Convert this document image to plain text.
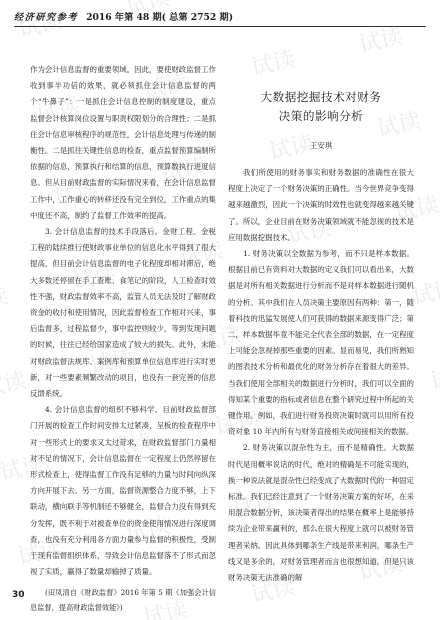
经济研究参考 2016 年第 48 期( 总第 2752 期)

作为会计信息监督的重要领域。因此，要使财政监督工作收到事半功倍的效果，就必须抓住会计信息监督的两个“牛鼻子”：一是抓住会计信息控制的制度建设，重点监督会计核算岗位设置与职责权限划分的合理性；二是抓住会计信息审核程序的规范性，会计信息处理与传递的制衡性。二是抓住关键性信息的检查，重点监督预算编制所依据的信息，预算执行和结算的信息，预算数执行进度信息。但从目前财政监督的实际情况来看，在会计信息监督工作中，工作重心的转移还没有完全到位，工作重点的集中度还不高，制约了监督工作效率的提高。

3. 会计信息监督的技术手段落后。金财工程、金税工程的陆续推行使财政事业单位的信息化水平得到了很大提高，但目前会计信息监督的电子化程度却相对滞后，绝大多数还停留在手工查账、食笔记的阶段，人工检查时效性不强，财政监督效率不高，监管人员无法及时了解财政资金的收付和使用情况，因此监督检查工作相对兴来，事后监督多，过程监督少，事中监控则较少，等到发现问题的时候，往往已经给国家造成了较大的损失。此外，未能对财政监督法规库、案例库和预算单位信息库进行实时更新，对一些要素频繁改动的项目，也没有一套完善的信息反馈系统。

4. 会计信息监督的组织不够科学。目前财政监督部门开展的检查工作时间安排太过紧凑，呈板的检查程序中对一些形式上的要求又太过苛求，在财政监督部门力量相对不足的情况下，会计信息监督在一定程度上仍然停留在形式检查上，使得监督工作没有足够的力量与时间向纵深方向开展下去。另一方面，监督资源整合力度不够，上下联动，横向联手等机制还不够健全，监督合力没有得到充分发挥，既不利于对被查单位的资金使用情况进行深度调查，也没有充分利用各方面力量参与监督的积极性，受制于现有监督组织体系，导致会计信息监督落不了形式而忽视了实质，赢得了数量却输掉了质量。

(田凤清自《财政监督》2016 年第 5 期《加强会计信息监督，提高财政监督效能》)

大数据挖掘技术对财务
决策的影响分析
王安琪

我们所使用的财务事实和财务数据的准确性在很大程度上决定了一个财务决策的正确性。当今世界竞争变得越来越激烈，因此一个决策的时效性也就变得越来越关键了。所以，企业目前在财务决策领域就不能忽视的技术是应用数据挖掘技术。

1. 财务决策以全数据为参考，而不只是样本数据。根据目前已有资料对大数据的定义我们可以看出来，大数据是对所有相关数据进行分析而不是对样本数据进行随机的分析。其中我们在人员决策主要原因有两种：第一，随着科技的迅猛发展使人们可获得的数据来源变得广泛；第二，样本数据毕竟不能完全代表全部的数据，在一定程度上可能会忽视掉那些重要的因素。显而易见，我们所熟知的图表技术分析和最优化的财务分析存在着很大的差异。当我们使用全部相关的数据进行分析时，我们可以全面的得知某个重要的指标或者信息在整个研究过程中所起的关键作用。例如，我们进行财务投资决策时就可以用所有投资对象 10 年内所有与财务直接相关或间接相关的数据。

2. 财务决策以混杂性为主，而不是精确性。大数据时代是用概率说话的时代，绝对的精确是不可能实现的，换一种说法就是混杂性已经变成了大数据时代的一种固定标准。我们已经注意到了一个财务决策方案的好坏，在采用混合数据分析，该决策者得出的结果在概率上是能够持续为企业带来赢利的，那么在很大程度上就可以被财务管理者采纳。因此具体到哪条生产线是带来利润，哪条生产线又是多余的，对财务管理者而言也很想知道，但是只该财务决策无法准确的解

30
